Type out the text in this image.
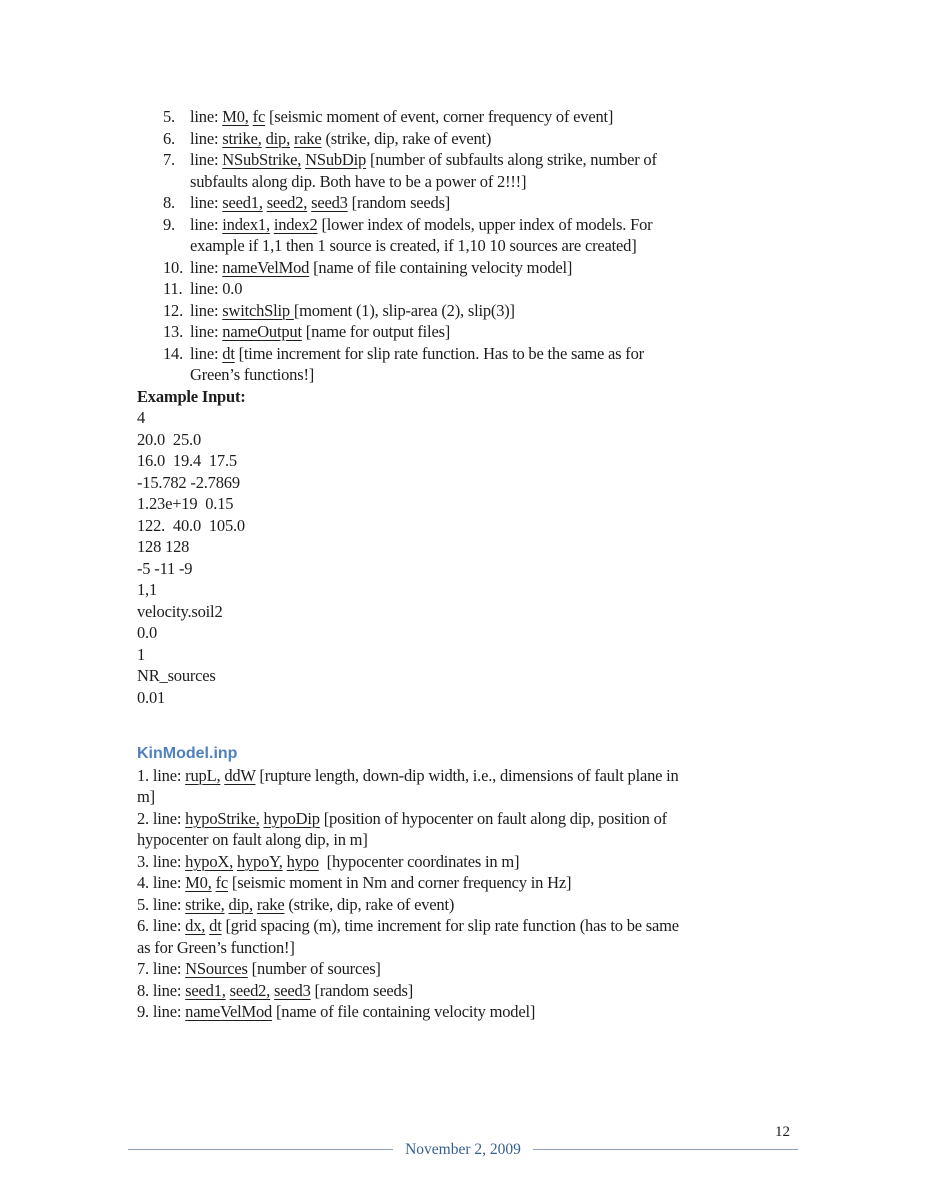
5. line: M0, fc [seismic moment of event, corner frequency of event]
6. line: strike, dip, rake (strike, dip, rake of event)
7. line: NSubStrike, NSubDip [number of subfaults along strike, number of
subfaults along dip. Both have to be a power of 2!!!]
8. line: seed1, seed2, seed3 [random seeds]
9. line: index1, index2 [lower index of models, upper index of models. For
example if 1,1 then 1 source is created, if 1,10 10 sources are created]
10. line: nameVelMod [name of file containing velocity model]
11. line: 0.0
12. line: switchSlip [moment (1), slip-area (2), slip(3)]
13. line: nameOutput [name for output files]
14. line: dt [time increment for slip rate function. Has to be the same as for
Green’s functions!]
Example Input:
4
20.0  25.0
16.0  19.4  17.5
-15.782 -2.7869
1.23e+19  0.15
122.  40.0  105.0
128 128
-5 -11 -9
1,1
velocity.soil2
0.0
1
NR_sources
0.01
KinModel.inp
1. line: rupL, ddW [rupture length, down-dip width, i.e., dimensions of fault plane in
m]
2. line: hypoStrike, hypoDip [position of hypocenter on fault along dip, position of
hypocenter on fault along dip, in m]
3. line: hypoX, hypoY, hypo  [hypocenter coordinates in m]
4. line: M0, fc [seismic moment in Nm and corner frequency in Hz]
5. line: strike, dip, rake (strike, dip, rake of event)
6. line: dx, dt [grid spacing (m), time increment for slip rate function (has to be same
as for Green’s function!]
7. line: NSources [number of sources]
8. line: seed1, seed2, seed3 [random seeds]
9. line: nameVelMod [name of file containing velocity model]
12
November 2, 2009
